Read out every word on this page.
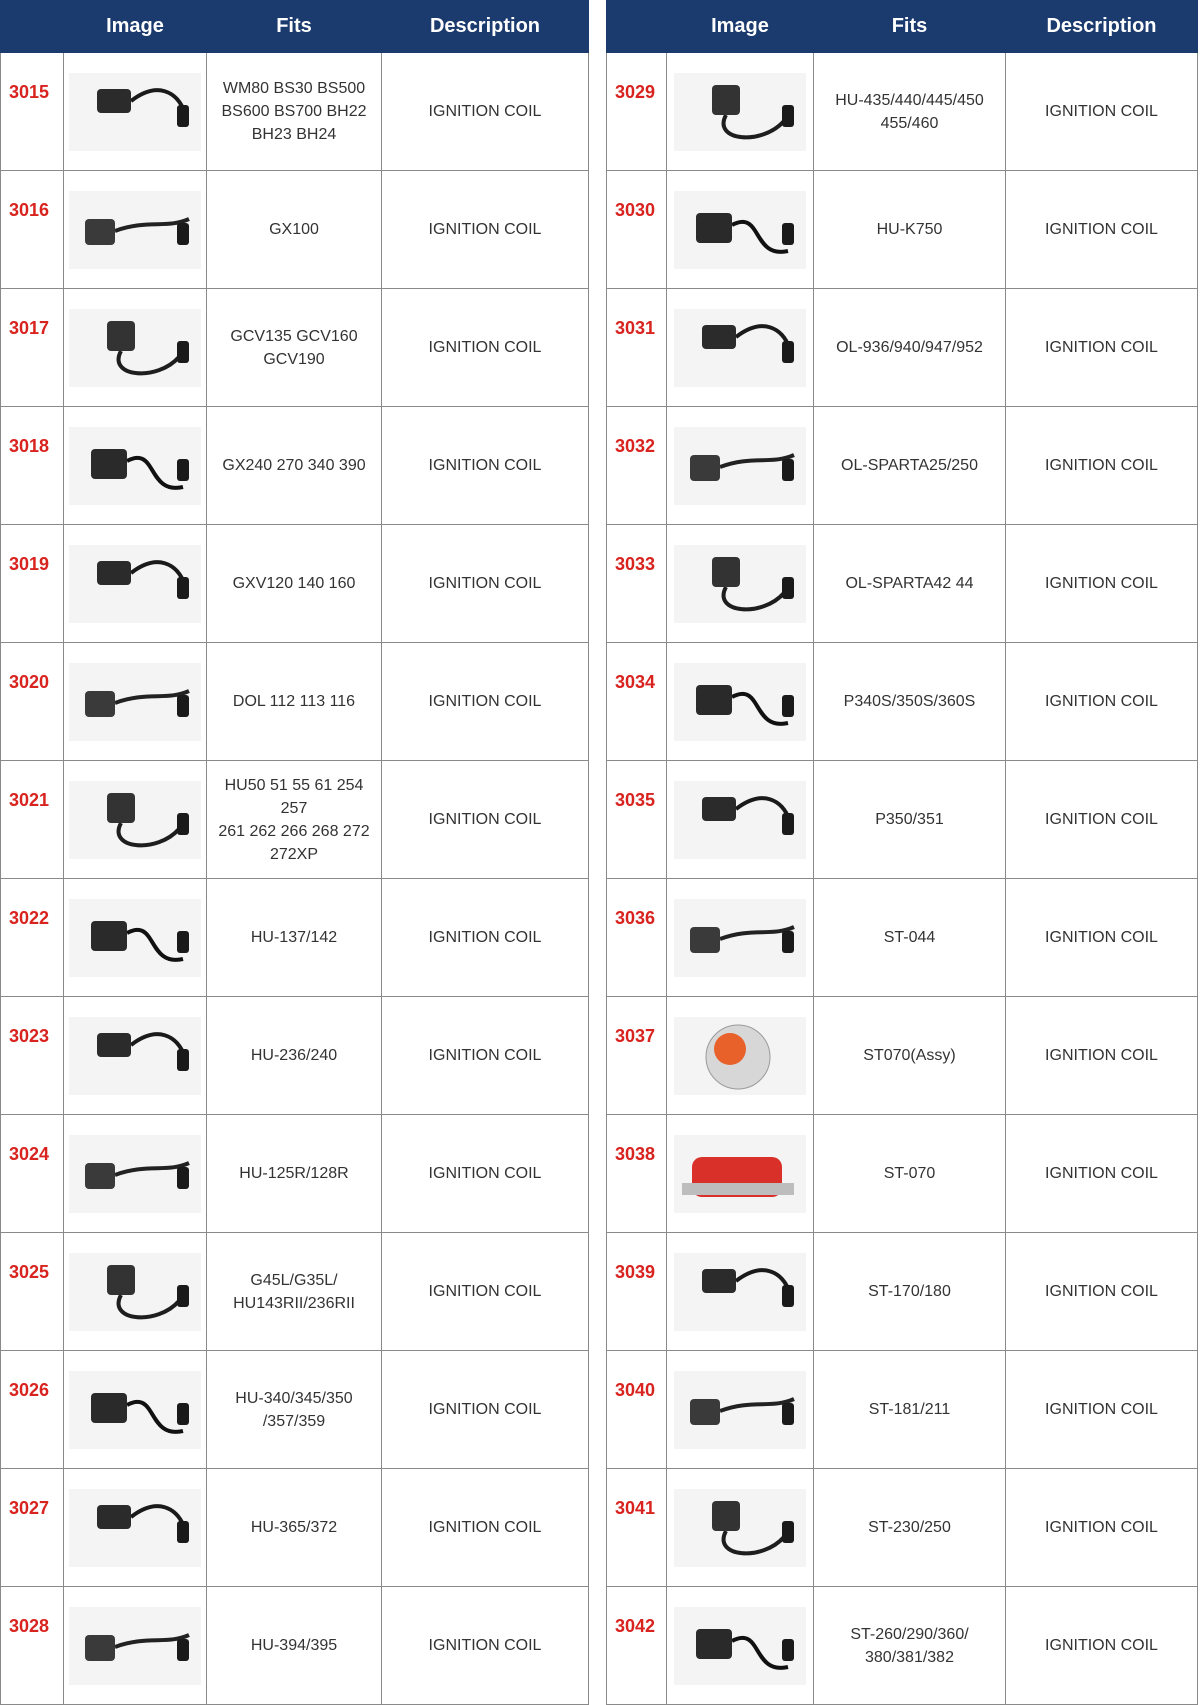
	Image	Fits	Description
3015		WM80 BS30 BS500
BS600 BS700 BH22
BH23 BH24	IGNITION COIL
3016		GX100	IGNITION COIL
3017		GCV135 GCV160
GCV190	IGNITION COIL
3018		GX240 270 340 390	IGNITION COIL
3019		GXV120 140 160	IGNITION COIL
3020		DOL 112 113 116	IGNITION COIL
3021		HU50 51 55 61 254 257
261 262 266 268 272
272XP	IGNITION COIL
3022		HU-137/142	IGNITION COIL
3023		HU-236/240	IGNITION COIL
3024		HU-125R/128R	IGNITION COIL
3025		G45L/G35L/
HU143RII/236RII	IGNITION COIL
3026		HU-340/345/350
/357/359	IGNITION COIL
3027		HU-365/372	IGNITION COIL
3028		HU-394/395	IGNITION COIL
	Image	Fits	Description
3029		HU-435/440/445/450
455/460	IGNITION COIL
3030		HU-K750	IGNITION COIL
3031		OL-936/940/947/952	IGNITION COIL
3032		OL-SPARTA25/250	IGNITION COIL
3033		OL-SPARTA42 44	IGNITION COIL
3034		P340S/350S/360S	IGNITION COIL
3035		P350/351	IGNITION COIL
3036		ST-044	IGNITION COIL
3037		ST070(Assy)	IGNITION COIL
3038		ST-070	IGNITION COIL
3039		ST-170/180	IGNITION COIL
3040		ST-181/211	IGNITION COIL
3041		ST-230/250	IGNITION COIL
3042		ST-260/290/360/
380/381/382	IGNITION COIL
